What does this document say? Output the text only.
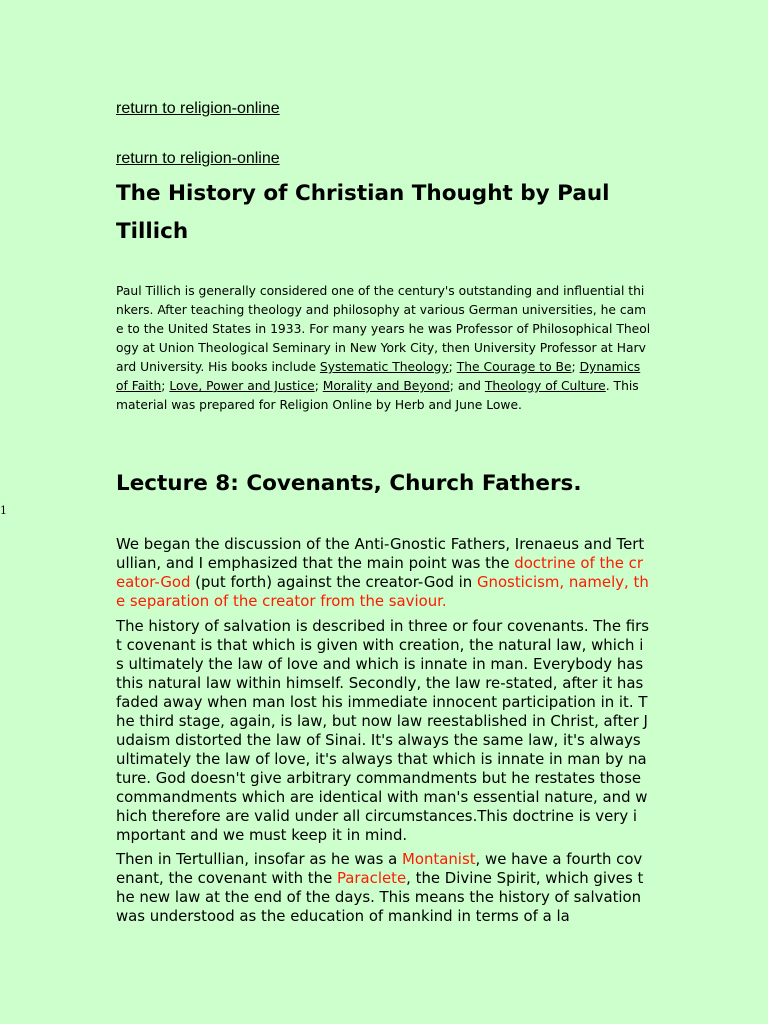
return to religion-online
return to religion-online
The History of Christian Thought by Paul Tillich

Paul Tillich is generally considered one of the century's outstanding and influential thinkers. After teaching theology and philosophy at various German universities, he came to the United States in 1933. For many years he was Professor of Philosophical Theology at Union Theological Seminary in New York City, then University Professor at Harvard University. His books include Systematic Theology; The Courage to Be; Dynamics of Faith; Love, Power and Justice; Morality and Beyond; and Theology of Culture. This material was prepared for Religion Online by Herb and June Lowe.

Lecture 8: Covenants, Church Fathers.
1

We began the discussion of the Anti-Gnostic Fathers, Irenaeus and Tertullian, and I emphasized that the main point was the doctrine of the creator-God (put forth) against the creator-God in Gnosticism, namely, the separation of the creator from the saviour.

The history of salvation is described in three or four covenants. The first covenant is that which is given with creation, the natural law, which is ultimately the law of love and which is innate in man. Everybody has this natural law within himself. Secondly, the law re-stated, after it has faded away when man lost his immediate innocent participation in it. The third stage, again, is law, but now law reestablished in Christ, after Judaism distorted the law of Sinai. It's always the same law, it's always ultimately the law of love, it's always that which is innate in man by nature. God doesn't give arbitrary commandments but he restates those commandments which are identical with man's essential nature, and which therefore are valid under all circumstances.This doctrine is very important and we must keep it in mind.

Then in Tertullian, insofar as he was a Montanist, we have a fourth covenant, the covenant with the Paraclete, the Divine Spirit, which gives the new law at the end of the days. This means the history of salvation was understood as the education of mankind in terms of a la
